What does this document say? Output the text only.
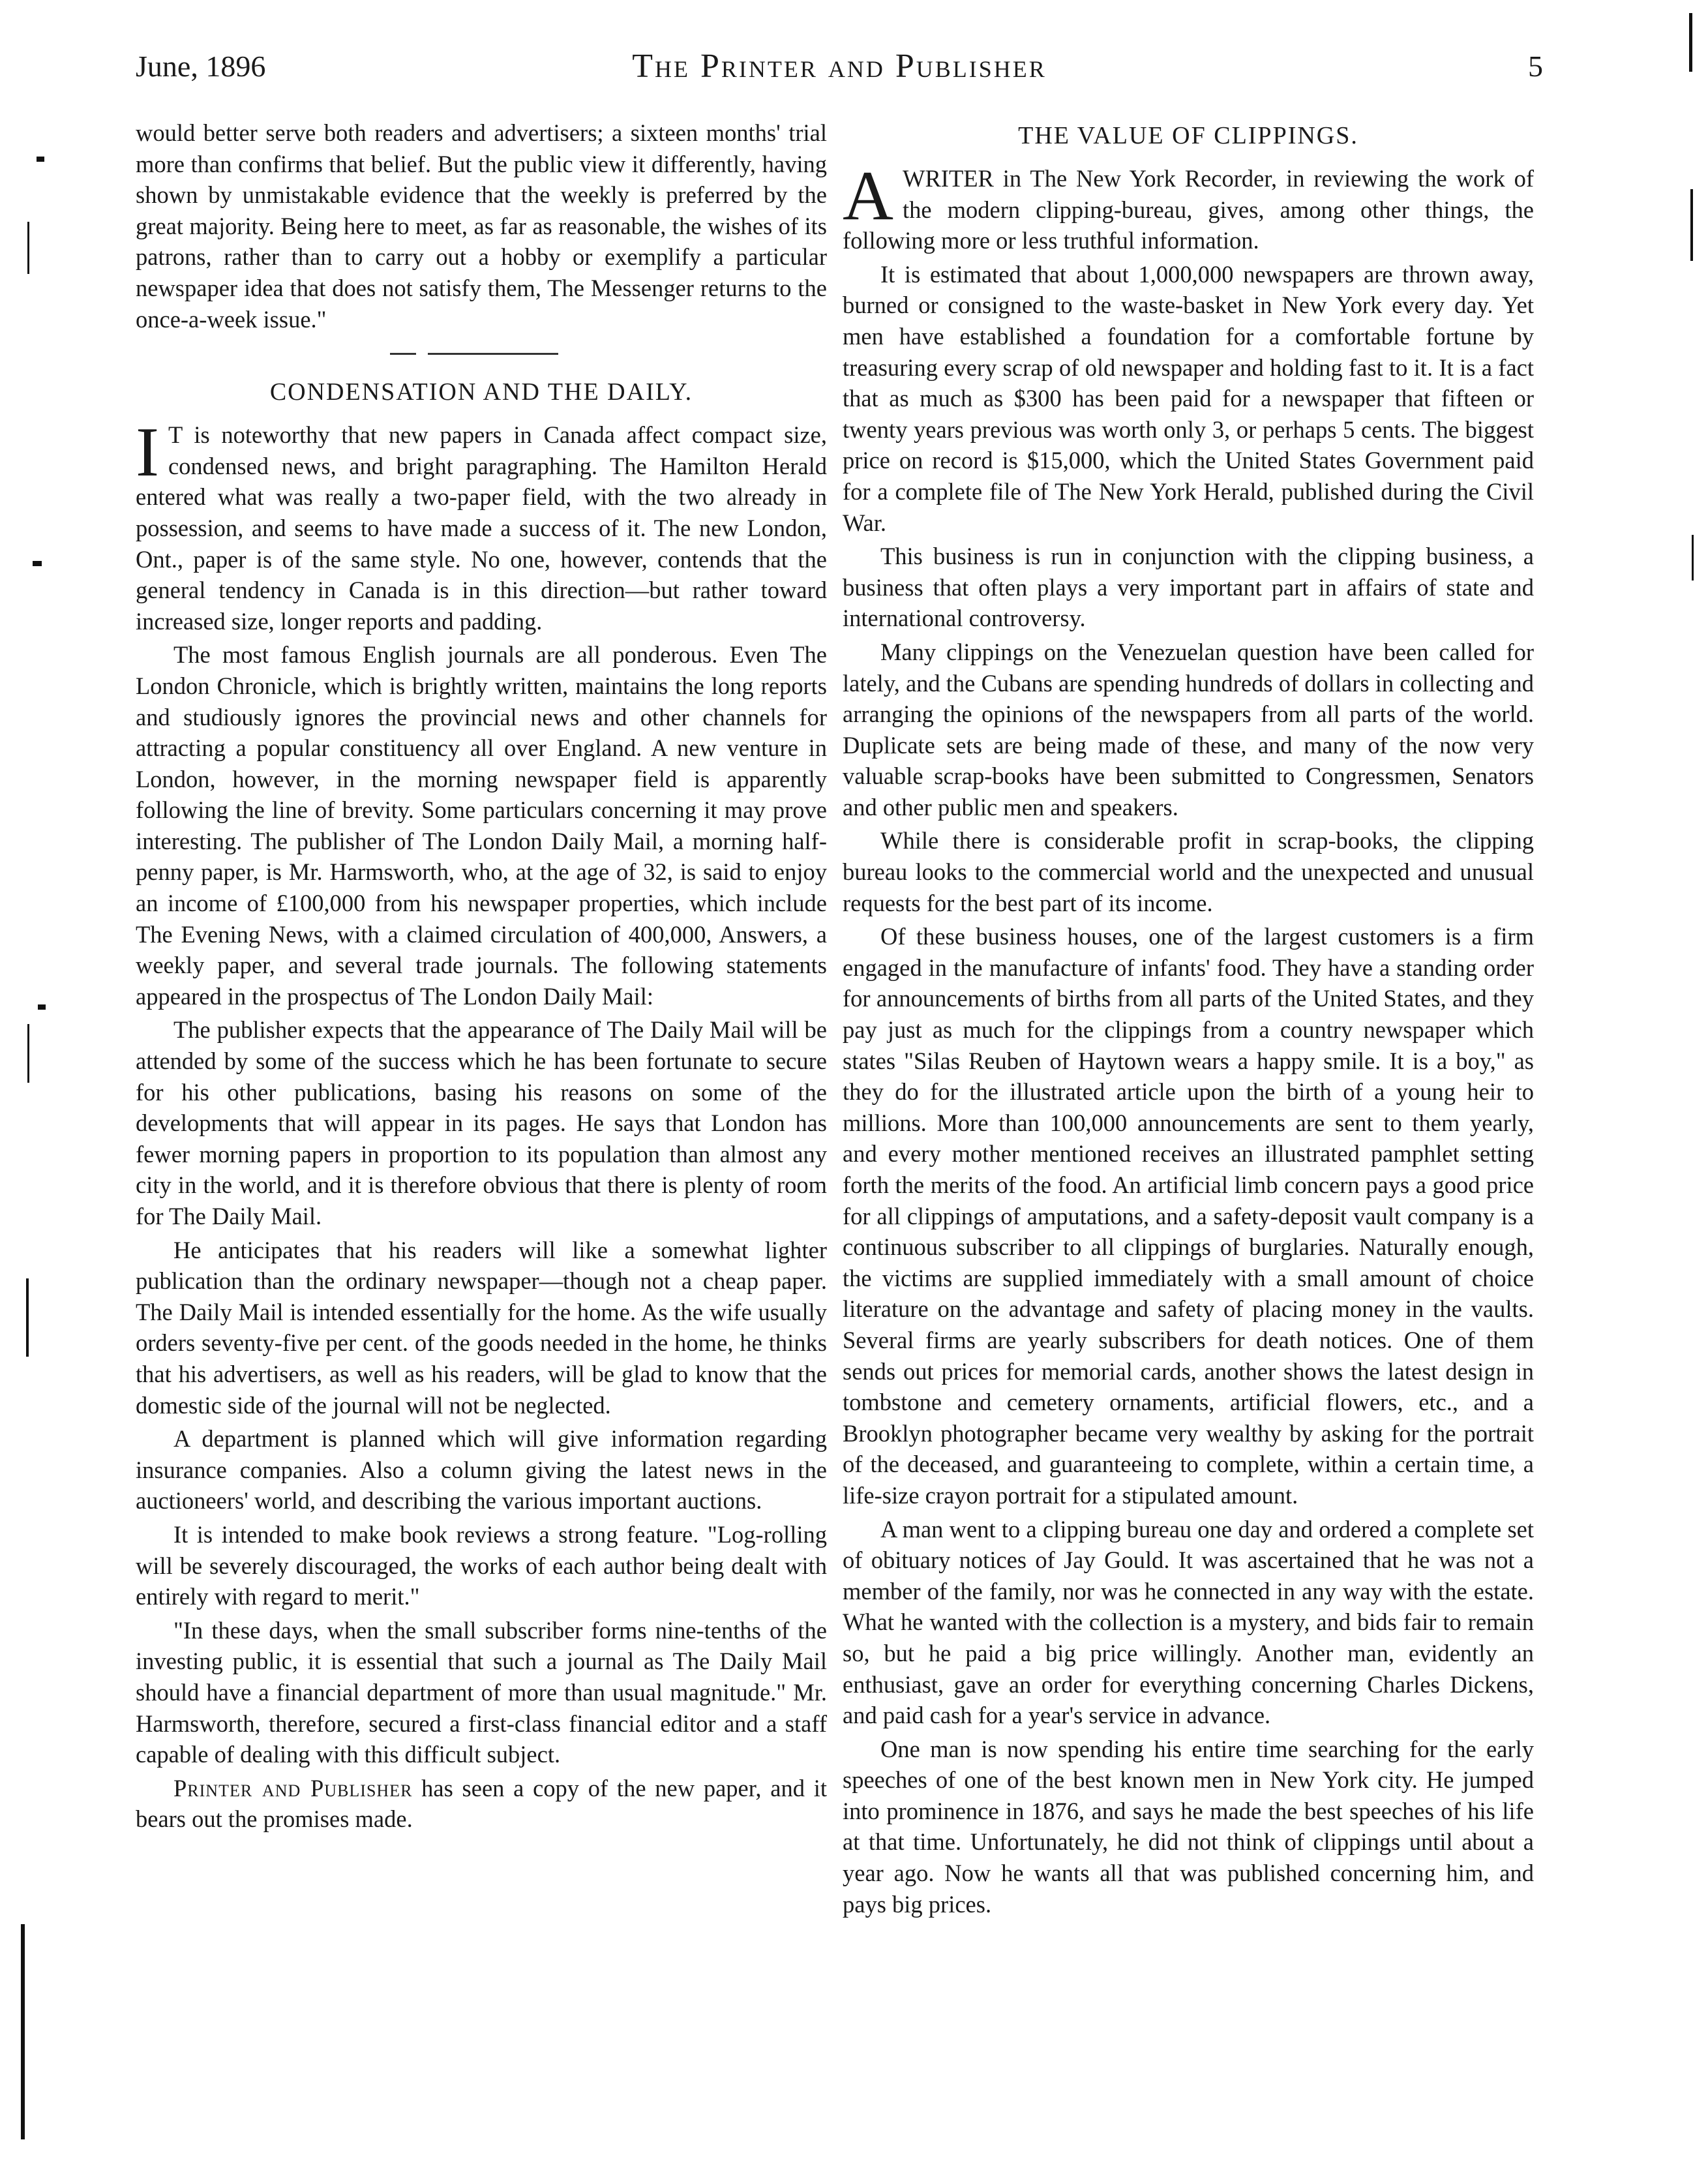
June, 1896	The Printer and Publisher	5

would better serve both readers and advertisers; a sixteen months' trial more than confirms that belief. But the public view it differently, having shown by unmistakable evidence that the weekly is preferred by the great majority. Being here to meet, as far as reasonable, the wishes of its patrons, rather than to carry out a hobby or exemplify a particular newspaper idea that does not satisfy them, The Messenger returns to the once-a-week issue."

CONDENSATION AND THE DAILY.

I T is noteworthy that new papers in Canada affect compact size, condensed news, and bright paragraphing. The Hamilton Herald entered what was really a two-paper field, with the two already in possession, and seems to have made a success of it. The new London, Ont., paper is of the same style. No one, however, contends that the general tendency in Canada is in this direction—but rather toward increased size, longer reports and padding.

The most famous English journals are all ponderous. Even The London Chronicle, which is brightly written, maintains the long reports and studiously ignores the provincial news and other channels for attracting a popular constituency all over England. A new venture in London, however, in the morning newspaper field is apparently following the line of brevity. Some particulars concerning it may prove interesting. The publisher of The London Daily Mail, a morning half-penny paper, is Mr. Harmsworth, who, at the age of 32, is said to enjoy an income of £100,000 from his newspaper properties, which include The Evening News, with a claimed circulation of 400,000, Answers, a weekly paper, and several trade journals. The following statements appeared in the prospectus of The London Daily Mail:

The publisher expects that the appearance of The Daily Mail will be attended by some of the success which he has been fortunate to secure for his other publications, basing his reasons on some of the developments that will appear in its pages. He says that London has fewer morning papers in proportion to its population than almost any city in the world, and it is therefore obvious that there is plenty of room for The Daily Mail.

He anticipates that his readers will like a somewhat lighter publication than the ordinary newspaper—though not a cheap paper. The Daily Mail is intended essentially for the home. As the wife usually orders seventy-five per cent. of the goods needed in the home, he thinks that his advertisers, as well as his readers, will be glad to know that the domestic side of the journal will not be neglected.

A department is planned which will give information regarding insurance companies. Also a column giving the latest news in the auctioneers' world, and describing the various important auctions.

It is intended to make book reviews a strong feature. "Log-rolling will be severely discouraged, the works of each author being dealt with entirely with regard to merit."

"In these days, when the small subscriber forms nine-tenths of the investing public, it is essential that such a journal as The Daily Mail should have a financial department of more than usual magnitude." Mr. Harmsworth, therefore, secured a first-class financial editor and a staff capable of dealing with this difficult subject.

Printer and Publisher has seen a copy of the new paper, and it bears out the promises made.

THE VALUE OF CLIPPINGS.

A WRITER in The New York Recorder, in reviewing the work of the modern clipping-bureau, gives, among other things, the following more or less truthful information.

It is estimated that about 1,000,000 newspapers are thrown away, burned or consigned to the waste-basket in New York every day. Yet men have established a foundation for a comfortable fortune by treasuring every scrap of old newspaper and holding fast to it. It is a fact that as much as $300 has been paid for a newspaper that fifteen or twenty years previous was worth only 3, or perhaps 5 cents. The biggest price on record is $15,000, which the United States Government paid for a complete file of The New York Herald, published during the Civil War.

This business is run in conjunction with the clipping business, a business that often plays a very important part in affairs of state and international controversy.

Many clippings on the Venezuelan question have been called for lately, and the Cubans are spending hundreds of dollars in collecting and arranging the opinions of the newspapers from all parts of the world. Duplicate sets are being made of these, and many of the now very valuable scrap-books have been submitted to Congressmen, Senators and other public men and speakers.

While there is considerable profit in scrap-books, the clipping bureau looks to the commercial world and the unexpected and unusual requests for the best part of its income.

Of these business houses, one of the largest customers is a firm engaged in the manufacture of infants' food. They have a standing order for announcements of births from all parts of the United States, and they pay just as much for the clippings from a country newspaper which states "Silas Reuben of Haytown wears a happy smile. It is a boy," as they do for the illustrated article upon the birth of a young heir to millions. More than 100,000 announcements are sent to them yearly, and every mother mentioned receives an illustrated pamphlet setting forth the merits of the food. An artificial limb concern pays a good price for all clippings of amputations, and a safety-deposit vault company is a continuous subscriber to all clippings of burglaries. Naturally enough, the victims are supplied immediately with a small amount of choice literature on the advantage and safety of placing money in the vaults. Several firms are yearly subscribers for death notices. One of them sends out prices for memorial cards, another shows the latest design in tombstone and cemetery ornaments, artificial flowers, etc., and a Brooklyn photographer became very wealthy by asking for the portrait of the deceased, and guaranteeing to complete, within a certain time, a life-size crayon portrait for a stipulated amount.

A man went to a clipping bureau one day and ordered a complete set of obituary notices of Jay Gould. It was ascertained that he was not a member of the family, nor was he connected in any way with the estate. What he wanted with the collection is a mystery, and bids fair to remain so, but he paid a big price willingly. Another man, evidently an enthusiast, gave an order for everything concerning Charles Dickens, and paid cash for a year's service in advance.

One man is now spending his entire time searching for the early speeches of one of the best known men in New York city. He jumped into prominence in 1876, and says he made the best speeches of his life at that time. Unfortunately, he did not think of clippings until about a year ago. Now he wants all that was published concerning him, and pays big prices.
